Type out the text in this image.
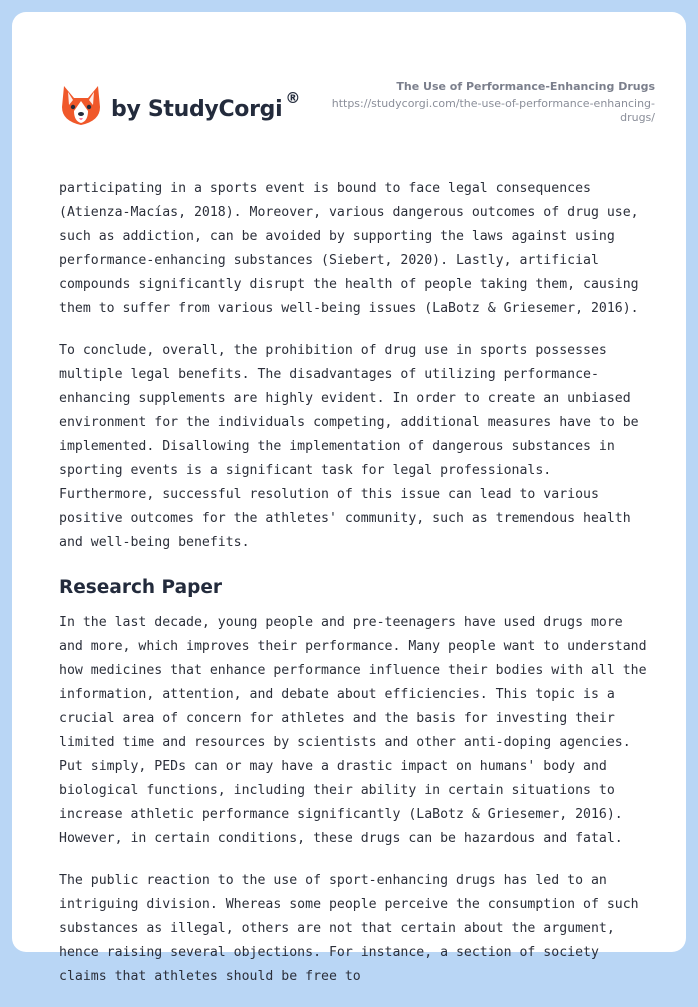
by StudyCorgi ®
The Use of Performance-Enhancing Drugs
https://studycorgi.com/the-use-of-performance-enhancing-drugs/

participating in a sports event is bound to face legal consequences (Atienza-Macías, 2018). Moreover, various dangerous outcomes of drug use, such as addiction, can be avoided by supporting the laws against using performance-enhancing substances (Siebert, 2020). Lastly, artificial compounds significantly disrupt the health of people taking them, causing them to suffer from various well-being issues (LaBotz & Griesemer, 2016).

To conclude, overall, the prohibition of drug use in sports possesses multiple legal benefits. The disadvantages of utilizing performance-enhancing supplements are highly evident. In order to create an unbiased environment for the individuals competing, additional measures have to be implemented. Disallowing the implementation of dangerous substances in sporting events is a significant task for legal professionals. Furthermore, successful resolution of this issue can lead to various positive outcomes for the athletes' community, such as tremendous health and well-being benefits.

Research Paper

In the last decade, young people and pre-teenagers have used drugs more and more, which improves their performance. Many people want to understand how medicines that enhance performance influence their bodies with all the information, attention, and debate about efficiencies. This topic is a crucial area of concern for athletes and the basis for investing their limited time and resources by scientists and other anti-doping agencies. Put simply, PEDs can or may have a drastic impact on humans' body and biological functions, including their ability in certain situations to increase athletic performance significantly (LaBotz & Griesemer, 2016). However, in certain conditions, these drugs can be hazardous and fatal.

The public reaction to the use of sport-enhancing drugs has led to an intriguing division. Whereas some people perceive the consumption of such substances as illegal, others are not that certain about the argument, hence raising several objections. For instance, a section of society claims that athletes should be free to
